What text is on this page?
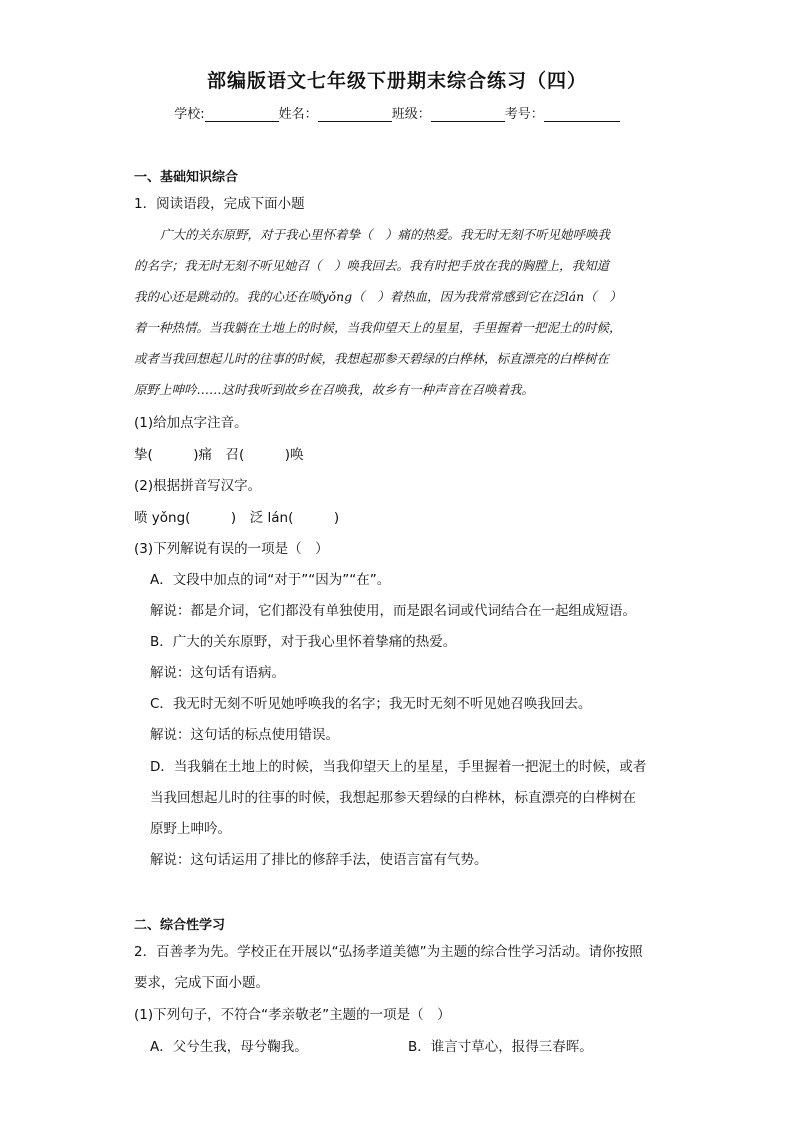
部编版语文七年级下册期末综合练习（四）
学校:	姓名：	班级：	考号：
一、基础知识综合
1．阅读语段，完成下面小题
广大的关东原野，对于我心里怀着挚（　）痛的热爱。我无时无刻不听见她呼唤我
的名字；我无时无刻不听见她召（　）唤我回去。我有时把手放在我的胸膛上，我知道
我的心还是跳动的。我的心还在喷yǒng（　）着热血，因为我常常感到它在泛lán（　）
着一种热情。当我躺在土地上的时候，当我仰望天上的星星，手里握着一把泥土的时候，
或者当我回想起儿时的往事的时候，我想起那参天碧绿的白桦林，标直漂亮的白桦树在
原野上呻吟……这时我听到故乡在召唤我，故乡有一种声音在召唤着我。
(1)给加点字注音。
挚(　　　)痛　召(　　　)唤
(2)根据拼音写汉字。
喷 yǒng(　　　)　泛 lán(　　　)
(3)下列解说有误的一项是（　）
A．文段中加点的词“对于”“因为”“在”。
解说：都是介词，它们都没有单独使用，而是跟名词或代词结合在一起组成短语。
B．广大的关东原野，对于我心里怀着挚痛的热爱。
解说：这句话有语病。
C．我无时无刻不听见她呼唤我的名字；我无时无刻不听见她召唤我回去。
解说：这句话的标点使用错误。
D．当我躺在土地上的时候，当我仰望天上的星星，手里握着一把泥土的时候，或者
当我回想起儿时的往事的时候，我想起那参天碧绿的白桦林，标直漂亮的白桦树在
原野上呻吟。
解说：这句话运用了排比的修辞手法，使语言富有气势。
二、综合性学习
2．百善孝为先。学校正在开展以“弘扬孝道美德”为主题的综合性学习活动。请你按照
要求，完成下面小题。
(1)下列句子，不符合“孝亲敬老”主题的一项是（　）
A．父兮生我，母兮鞠我。	B．谁言寸草心，报得三春晖。
